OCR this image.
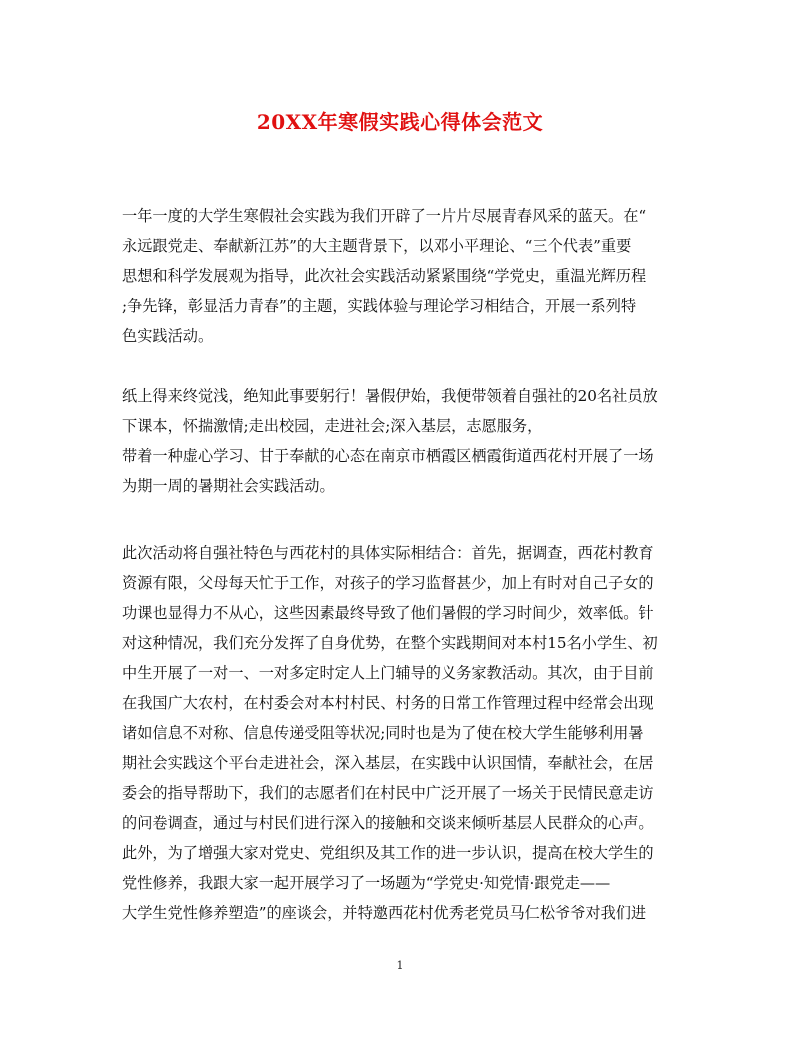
20XX年寒假实践心得体会范文
一年一度的大学生寒假社会实践为我们开辟了一片片尽展青春风采的蓝天。在“
永远跟党走、奉献新江苏”的大主题背景下，以邓小平理论、“三个代表”重要
思想和科学发展观为指导，此次社会实践活动紧紧围绕“学党史，重温光辉历程
;争先锋，彰显活力青春”的主题，实践体验与理论学习相结合，开展一系列特
色实践活动。
纸上得来终觉浅，绝知此事要躬行！暑假伊始，我便带领着自强社的20名社员放
下课本，怀揣激情;走出校园，走进社会;深入基层，志愿服务，
带着一种虚心学习、甘于奉献的心态在南京市栖霞区栖霞街道西花村开展了一场
为期一周的暑期社会实践活动。
此次活动将自强社特色与西花村的具体实际相结合：首先，据调查，西花村教育
资源有限，父母每天忙于工作，对孩子的学习监督甚少，加上有时对自己子女的
功课也显得力不从心，这些因素最终导致了他们暑假的学习时间少，效率低。针
对这种情况，我们充分发挥了自身优势，在整个实践期间对本村15名小学生、初
中生开展了一对一、一对多定时定人上门辅导的义务家教活动。其次，由于目前
在我国广大农村，在村委会对本村村民、村务的日常工作管理过程中经常会出现
诸如信息不对称、信息传递受阻等状况;同时也是为了使在校大学生能够利用暑
期社会实践这个平台走进社会，深入基层，在实践中认识国情，奉献社会，在居
委会的指导帮助下，我们的志愿者们在村民中广泛开展了一场关于民情民意走访
的问卷调查，通过与村民们进行深入的接触和交谈来倾听基层人民群众的心声。
此外，为了增强大家对党史、党组织及其工作的进一步认识，提高在校大学生的
党性修养，我跟大家一起开展学习了一场题为“学党史·知党情·跟党走——
大学生党性修养塑造”的座谈会，并特邀西花村优秀老党员马仁松爷爷对我们进
1
